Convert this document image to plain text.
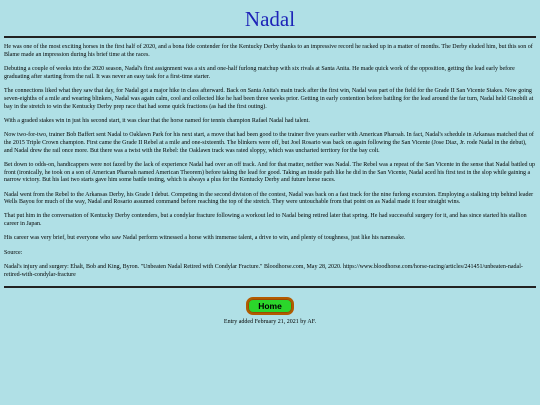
Nadal

He was one of the most exciting horses in the first half of 2020, and a bona fide contender for the Kentucky Derby thanks to an impressive record he racked up in a matter of months. The Derby eluded him, but this son of Blame made an impression during his brief time at the races.

Debuting a couple of weeks into the 2020 season, Nadal's first assignment was a six and one-half furlong matchup with six rivals at Santa Anita. He made quick work of the opposition, getting the lead early before graduating after starting from the rail. It was never an easy task for a first-time starter.

The connections liked what they saw that day, for Nadal got a major hike in class afterward. Back on Santa Anita's main track after the first win, Nadal was part of the field for the Grade II San Vicente Stakes. Now going seven-eighths of a mile and wearing blinkers, Nadal was again calm, cool and collected like he had been three weeks prior. Getting in early contention before battling for the lead around the far turn, Nadal held Ginobili at bay in the stretch to win the Kentucky Derby prep race that had some quick fractions (as had the first outing).

With a graded stakes win in just his second start, it was clear that the horse named for tennis champion Rafael Nadal had talent.

Now two-for-two, trainer Bob Baffert sent Nadal to Oaklawn Park for his next start, a move that had been good to the trainer five years earlier with American Pharoah. In fact, Nadal's schedule in Arkansas matched that of the 2015 Triple Crown champion. First came the Grade II Rebel at a mile and one-sixteenth. The blinkers were off, but Joel Rosario was back on again following the San Vicente (Jose Diaz, Jr. rode Nadal in the debut), and Nadal drew the rail once more. But there was a twist with the Rebel: the Oaklawn track was rated sloppy, which was uncharted territory for the bay colt.

Bet down to odds-on, handicappers were not fazed by the lack of experience Nadal had over an off track. And for that matter, neither was Nadal. The Rebel was a repeat of the San Vicente in the sense that Nadal battled up front (ironically, he took on a son of American Pharoah named American Theorem) before taking the lead for good. Taking an inside path like he did in the San Vicente, Nadal aced his first test in the slop while gaining a narrow victory. But his last two starts gave him some battle testing, which is always a plus for the Kentucky Derby and future horse races.

Nadal went from the Rebel to the Arkansas Derby, his Grade I debut. Competing in the second division of the contest, Nadal was back on a fast track for the nine furlong excursion. Employing a stalking trip behind leader Wells Bayou for much of the way, Nadal and Rosario assumed command before reaching the top of the stretch. They were untouchable from that point on as Nadal made it four straight wins.

That put him in the conversation of Kentucky Derby contenders, but a condylar fracture following a workout led to Nadal being retired later that spring. He had successful surgery for it, and has since started his stallion career in Japan.

His career was very brief, but everyone who saw Nadal perform witnessed a horse with immense talent, a drive to win, and plenty of toughness, just like his namesake.

Source:

Nadal's injury and surgery: Ehalt, Bob and King, Byron. "Unbeaten Nadal Retired with Condylar Fracture." Bloodhorse.com, May 28, 2020. https://www.bloodhorse.com/horse-racing/articles/241451/unbeaten-nadal-retired-with-condylar-fracture

Home
Entry added February 21, 2021 by AF.
